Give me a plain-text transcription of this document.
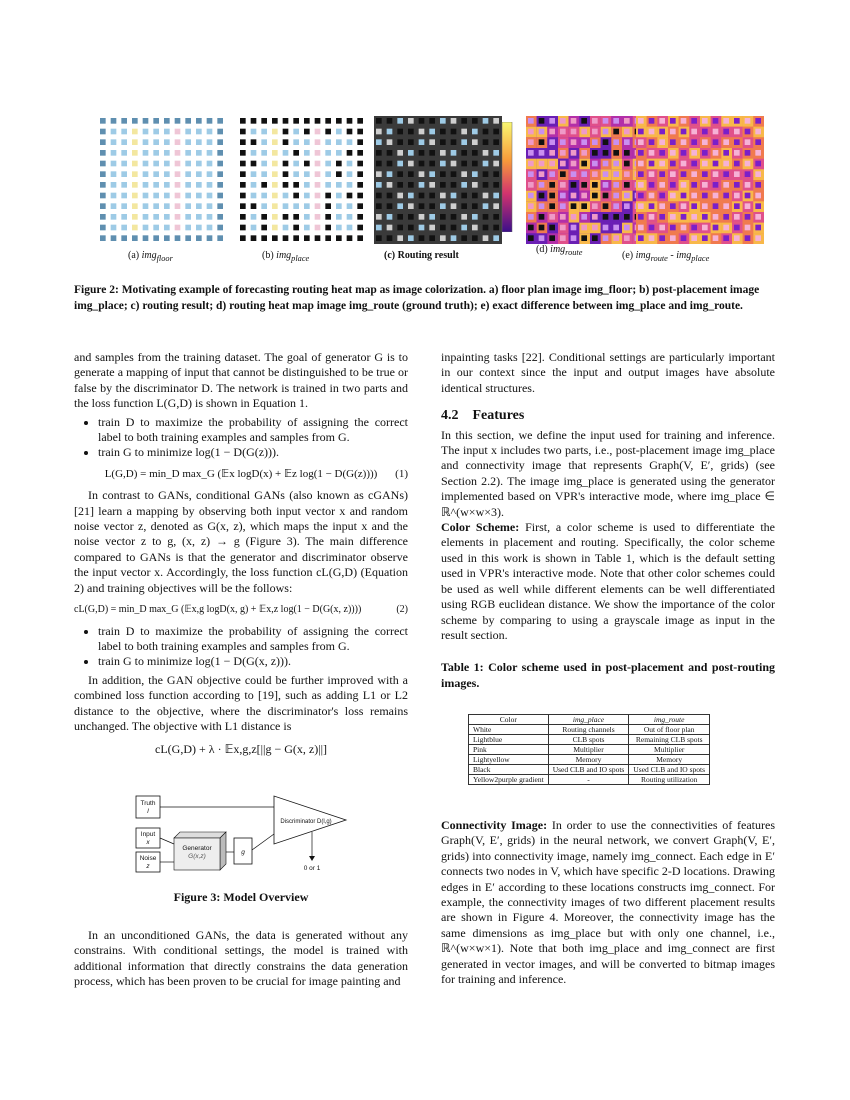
(a) img$_{floor}$	(b) img$_{place}$	(c) Routing result
(d) img$_{route}$	(e) img$_{route}$ - img$_{place}$
Figure 2: Motivating example of forecasting routing heat map as image colorization. a) floor plan image img_floor; b) post-placement image img_place; c) routing result; d) routing heat map image img_route (ground truth); e) exact difference between img_place and img_route.

and samples from the training dataset. The goal of generator G is to generate a mapping of input that cannot be distinguished to be true or false by the discriminator D. The network is trained in two parts and the loss function L(G,D) is shown in Equation 1.

• train D to maximize the probability of assigning the correct label to both training examples and samples from G.
• train G to minimize log(1 − D(G(z))).
L(G,D) = min_D max_G (𝔼x logD(x) + 𝔼z log(1 − D(G(z)))) (1)

In contrast to GANs, conditional GANs (also known as cGANs) [21] learn a mapping by observing both input vector x and random noise vector z, denoted as G(x, z), which maps the input x and the noise vector z to g, (x, z) → g (Figure 3). The main difference compared to GANs is that the generator and discriminator observe the input vector x. Accordingly, the loss function cL(G,D) (Equation 2) and training objectives will be the follows:

cL(G,D) = min_D max_G (𝔼x,g logD(x, g) + 𝔼x,z log(1 − D(G(x, z))))	(2)
• train D to maximize the probability of assigning the correct label to both training examples and samples from G.
• train G to minimize log(1 − D(G(x, z))).

In addition, the GAN objective could be further improved with a combined loss function according to [19], such as adding L1 or L2 distance to the objective, where the discriminator's loss remains unchanged. The objective with L1 distance is

cL(G,D) + λ · 𝔼x,g,z[||g − G(x, z)||]
Truth
l
Input
x
Noise
z
Generator
G(x,z)
g
Discriminator D(l,g)
0 or 1
Figure 3: Model Overview
In an unconditioned GANs, the data is generated without any constrains. With conditional settings, the model is trained with additional information that directly constrains the data generation process, which has been proven to be crucial for image painting and

inpainting tasks [22]. Conditional settings are particularly important in our context since the input and output images have absolute identical structures.

4.2    Features

In this section, we define the input used for training and inference. The input x includes two parts, i.e., post-placement image img_place and connectivity image that represents Graph(V, E′, grids) (see Section 2.2). The image img_place is generated using the generator implemented based on VPR's interactive mode, where img_place ∈ ℝ^(w×w×3).

Color Scheme: First, a color scheme is used to differentiate the elements in placement and routing. Specifically, the color scheme used in this work is shown in Table 1, which is the default setting used in VPR's interactive mode. Note that other color schemes could be used as well while different elements can be well differentiated using RGB euclidean distance. We show the importance of the color scheme by comparing to using a grayscale image as input in the result section.

Table 1: Color scheme used in post-placement and post-routing images.
Color	img_place	img_route
White	Routing channels	Out of floor plan
Lightblue	CLB spots	Remaining CLB spots
Pink	Multiplier	Multiplier
Lightyellow	Memory	Memory
Black	Used CLB and IO spots	Used CLB and IO spots
Yellow2purple gradient	-	Routing utilization

Connectivity Image: In order to use the connectivities of features Graph(V, E′, grids) in the neural network, we convert Graph(V, E′, grids) into connectivity image, namely img_connect. Each edge in E′ connects two nodes in V, which have specific 2-D locations. Drawing edges in E′ according to these locations constructs img_connect. For example, the connectivity images of two different placement results are shown in Figure 4. Moreover, the connectivity image has the same dimensions as img_place but with only one channel, i.e., ℝ^(w×w×1). Note that both img_place and img_connect are first generated in vector images, and will be converted to bitmap images for training and inference.
